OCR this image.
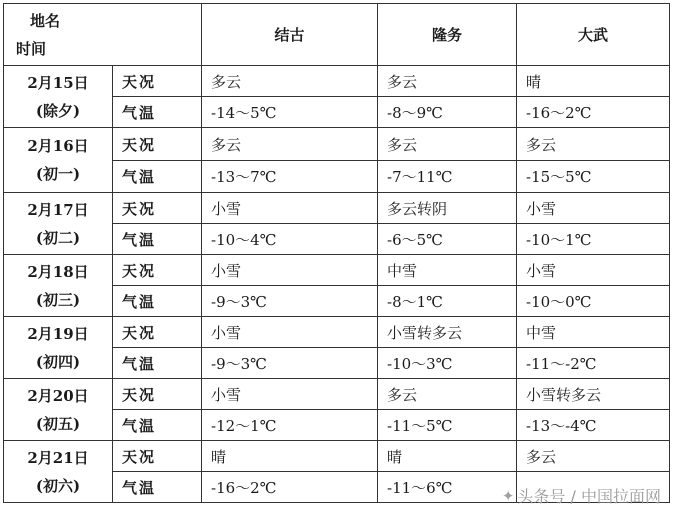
地名
时间		结古	隆务	大武

2月15日
(除夕)	天况	多云	多云	晴
	气温	-14～5℃	-8～9℃	-16～2℃

2月16日
(初一)	天况	多云	多云	多云
	气温	-13～7℃	-7～11℃	-15～5℃

2月17日
(初二)	天况	小雪	多云转阴	小雪
	气温	-10～4℃	-6～5℃	-10～1℃

2月18日
(初三)	天况	小雪	中雪	小雪
	气温	-9～3℃	-8～1℃	-10～0℃

2月19日
(初四)	天况	小雪	小雪转多云	中雪
	气温	-9～3℃	-10～3℃	-11～-2℃

2月20日
(初五)	天况	小雪	多云	小雪转多云
	气温	-12～1℃	-11～5℃	-13～-4℃

2月21日
(初六)	天况	晴	晴	多云
	气温	-16～2℃	-11～6℃		✦ 头条号 / 中国拉面网
